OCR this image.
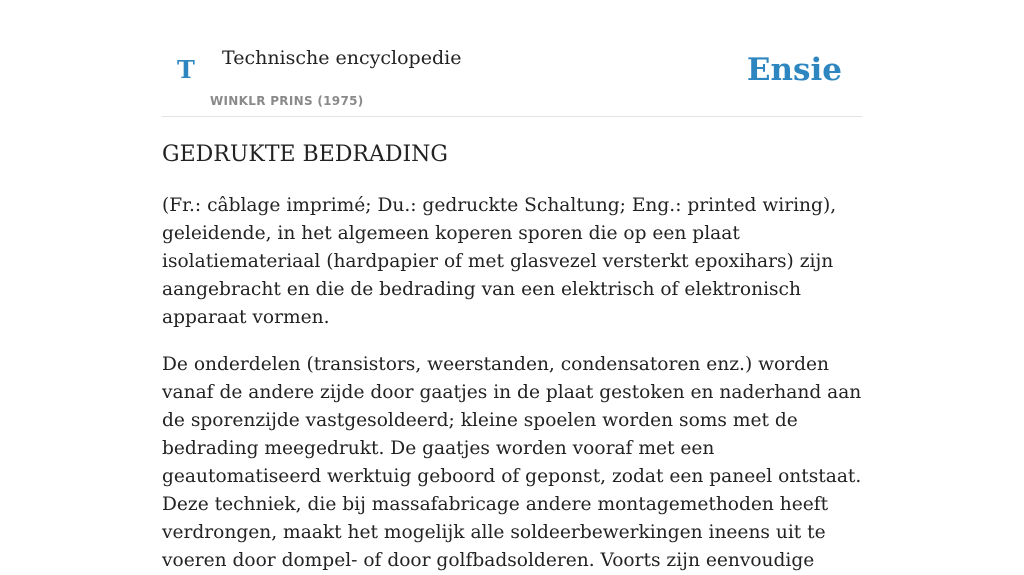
T Technische encyclopedie
WINKLR PRINS (1975)
Ensie
GEDRUKTE BEDRADING

(Fr.: câblage imprimé; Du.: gedruckte Schaltung; Eng.: printed wiring), geleidende, in het algemeen koperen sporen die op een plaat isolatiemateriaal (hardpapier of met glasvezel versterkt epoxihars) zijn aangebracht en die de bedrading van een elektrisch of elektronisch apparaat vormen.

De onderdelen (transistors, weerstanden, condensatoren enz.) worden vanaf de andere zijde door gaatjes in de plaat gestoken en naderhand aan de sporenzijde vastgesoldeerd; kleine spoelen worden soms met de bedrading meegedrukt. De gaatjes worden vooraf met een geautomatiseerd werktuig geboord of geponst, zodat een paneel ontstaat. Deze techniek, die bij massafabricage andere montagemethoden heeft verdrongen, maakt het mogelijk alle soldeerbewerkingen ineens uit te voeren door dompel- of door golfbadsolderen. Voorts zijn eenvoudige
